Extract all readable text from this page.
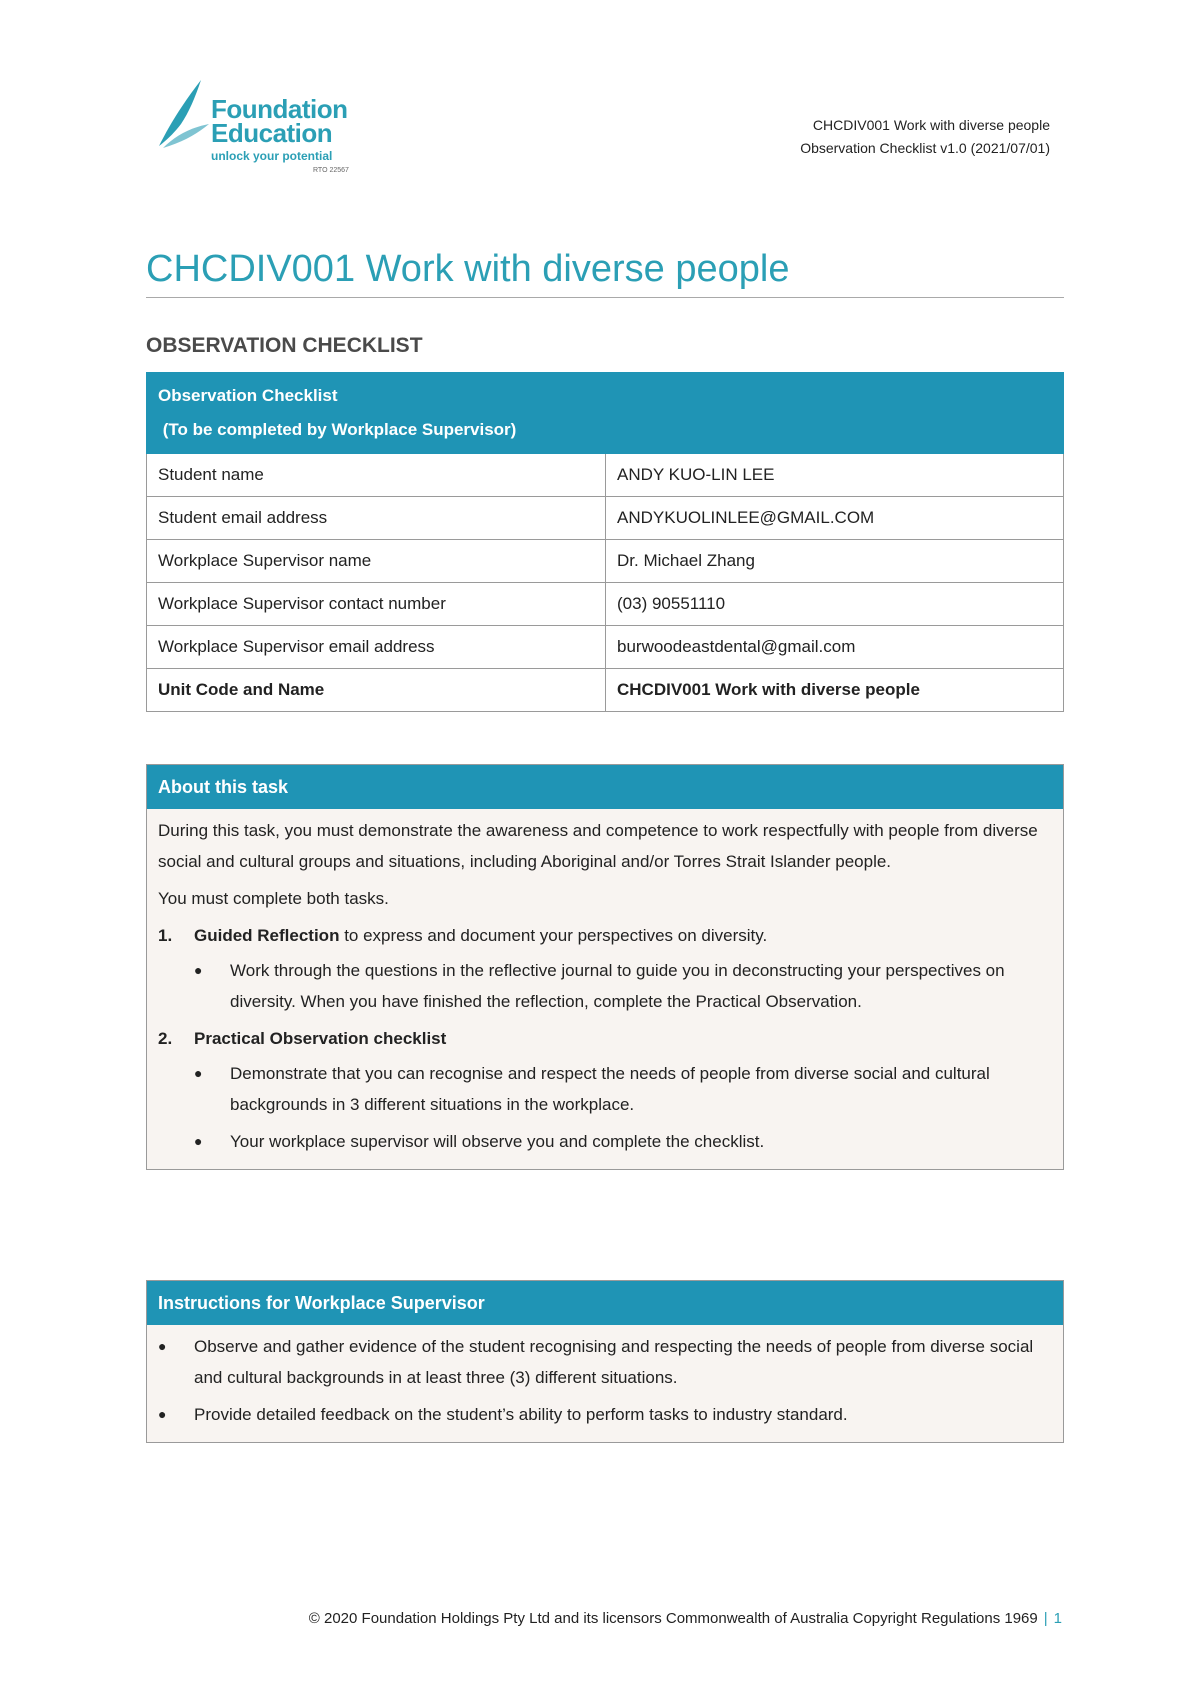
Foundation
Education
unlock your potential
RTO 22567
CHCDIV001 Work with diverse people
Observation Checklist v1.0 (2021/07/01)
CHCDIV001 Work with diverse people
OBSERVATION CHECKLIST
Observation Checklist
(To be completed by Workplace Supervisor)	

Student name	ANDY KUO-LIN LEE
Student email address	ANDYKUOLINLEE@GMAIL.COM
Workplace Supervisor name	Dr. Michael Zhang
Workplace Supervisor contact number	(03) 90551110
Workplace Supervisor email address	burwoodeastdental@gmail.com
Unit Code and Name	CHCDIV001 Work with diverse people
About this task

During this task, you must demonstrate the awareness and competence to work respectfully with people from diverse social and cultural groups and situations, including Aboriginal and/or Torres Strait Islander people.

You must complete both tasks.

1.	Guided Reflection to express and document your perspectives on diversity.
●	Work through the questions in the reflective journal to guide you in deconstructing your perspectives on diversity. When you have finished the reflection, complete the Practical Observation.
2.	Practical Observation checklist
●	Demonstrate that you can recognise and respect the needs of people from diverse social and cultural backgrounds in 3 different situations in the workplace.
●	Your workplace supervisor will observe you and complete the checklist.
Instructions for Workplace Supervisor
●	Observe and gather evidence of the student recognising and respecting the needs of people from diverse social and cultural backgrounds in at least three (3) different situations.
●	Provide detailed feedback on the student’s ability to perform tasks to industry standard.
© 2020 Foundation Holdings Pty Ltd and its licensors Commonwealth of Australia Copyright Regulations 1969 | 1
